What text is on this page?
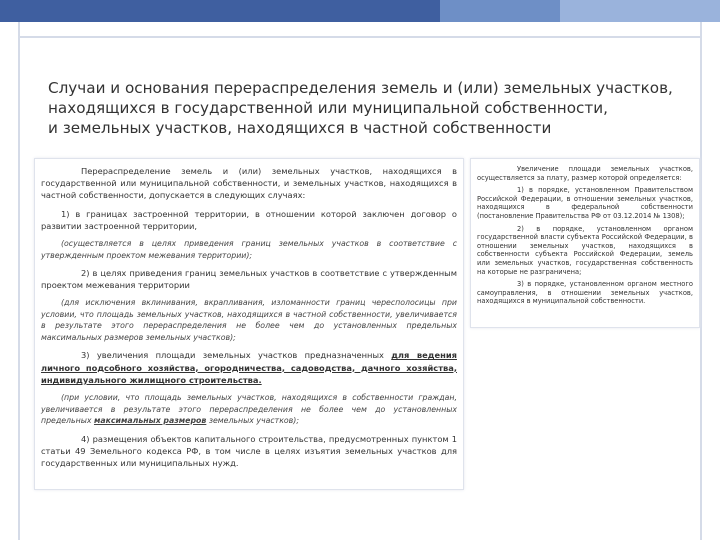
Случаи и основания перераспределения земель и (или) земельных участков,
находящихся в государственной или муниципальной собственности,
и земельных участков, находящихся в частной собственности

Перераспределение земель и (или) земельных участков, находящихся в государственной или муниципальной собственности, и земельных участков, находящихся в частной собственности, допускается в следующих случаях:

1) в границах застроенной территории, в отношении которой заключен договор о развитии застроенной территории,

(осуществляется в целях приведения границ земельных участков в соответствие с утвержденным проектом межевания территории);

2) в целях приведения границ земельных участков в соответствие с утвержденным проектом межевания территории

(для исключения вклинивания, вкрапливания, изломанности границ чересполосицы при условии, что площадь земельных участков, находящихся в частной собственности, увеличивается в результате этого перераспределения не более чем до установленных предельных максимальных размеров земельных участков);

3) увеличения площади земельных участков предназначенных для ведения личного подсобного хозяйства, огородничества, садоводства, дачного хозяйства, индивидуального жилищного строительства.

(при условии, что площадь земельных участков, находящихся в собственности граждан, увеличивается в результате этого перераспределения не более чем до установленных предельных максимальных размеров земельных участков);

4) размещения объектов капитального строительства, предусмотренных пунктом 1 статьи 49 Земельного кодекса РФ, в том числе в целях изъятия земельных участков для государственных или муниципальных нужд.

Увеличение площади земельных участков, осуществляется за плату, размер которой определяется:

1) в порядке, установленном Правительством Российской Федерации, в отношении земельных участков, находящихся в федеральной собственности (постановление Правительства РФ от 03.12.2014 № 1308);

2) в порядке, установленном органом государственной власти субъекта Российской Федерации, в отношении земельных участков, находящихся в собственности субъекта Российской Федерации, земель или земельных участков, государственная собственность на которые не разграничена;

3) в порядке, установленном органом местного самоуправления, в отношении земельных участков, находящихся в муниципальной собственности.
